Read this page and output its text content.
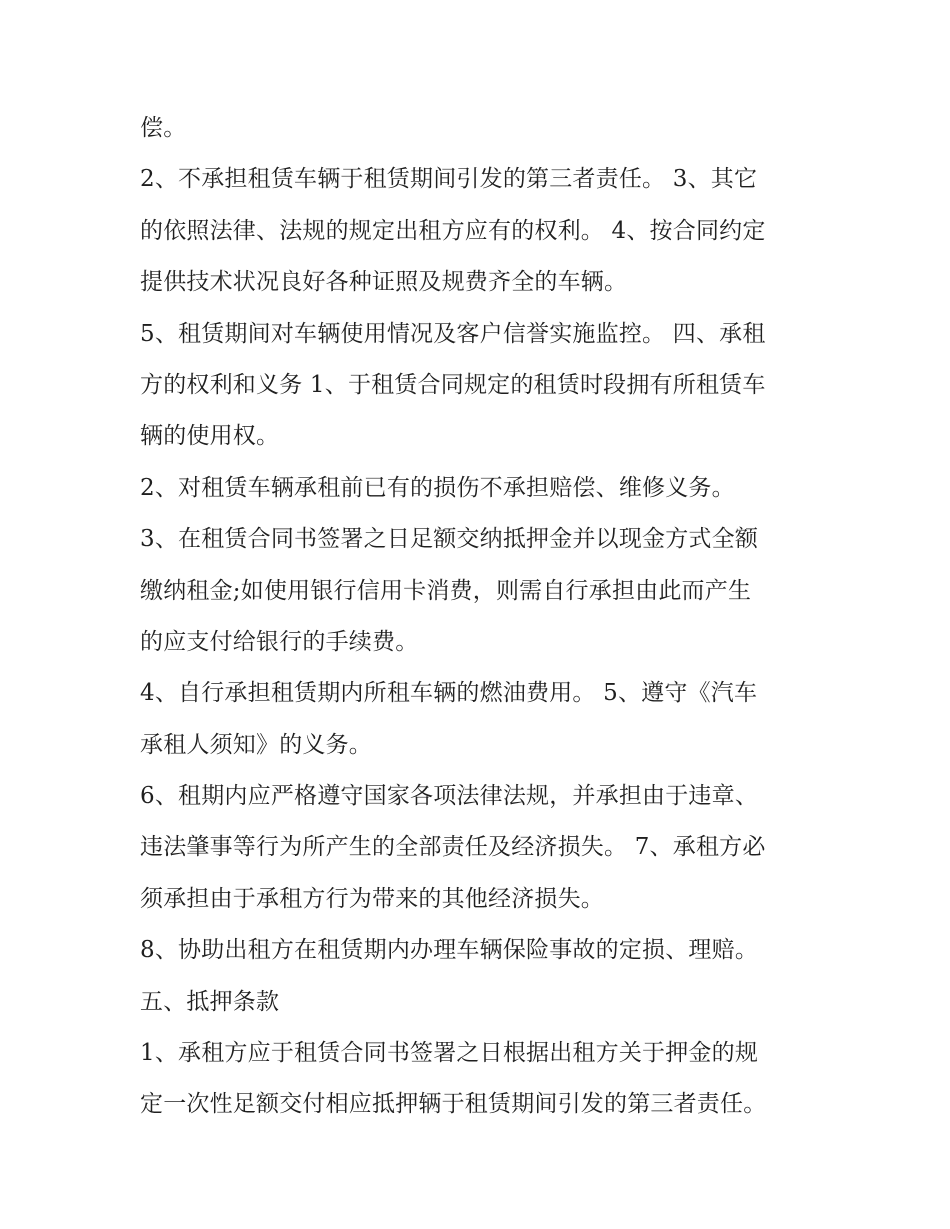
偿。
2、不承担租赁车辆于租赁期间引发的第三者责任。 3、其它
的依照法律、法规的规定出租方应有的权利。 4、按合同约定
提供技术状况良好各种证照及规费齐全的车辆。
5、租赁期间对车辆使用情况及客户信誉实施监控。 四、承租
方的权利和义务 1、于租赁合同规定的租赁时段拥有所租赁车
辆的使用权。
2、对租赁车辆承租前已有的损伤不承担赔偿、维修义务。
3、在租赁合同书签署之日足额交纳抵押金并以现金方式全额
缴纳租金;如使用银行信用卡消费，则需自行承担由此而产生
的应支付给银行的手续费。
4、自行承担租赁期内所租车辆的燃油费用。 5、遵守《汽车
承租人须知》的义务。
6、租期内应严格遵守国家各项法律法规，并承担由于违章、
违法肇事等行为所产生的全部责任及经济损失。 7、承租方必
须承担由于承租方行为带来的其他经济损失。
8、协助出租方在租赁期内办理车辆保险事故的定损、理赔。
五、抵押条款
1、承租方应于租赁合同书签署之日根据出租方关于押金的规
定一次性足额交付相应抵押辆于租赁期间引发的第三者责任。
